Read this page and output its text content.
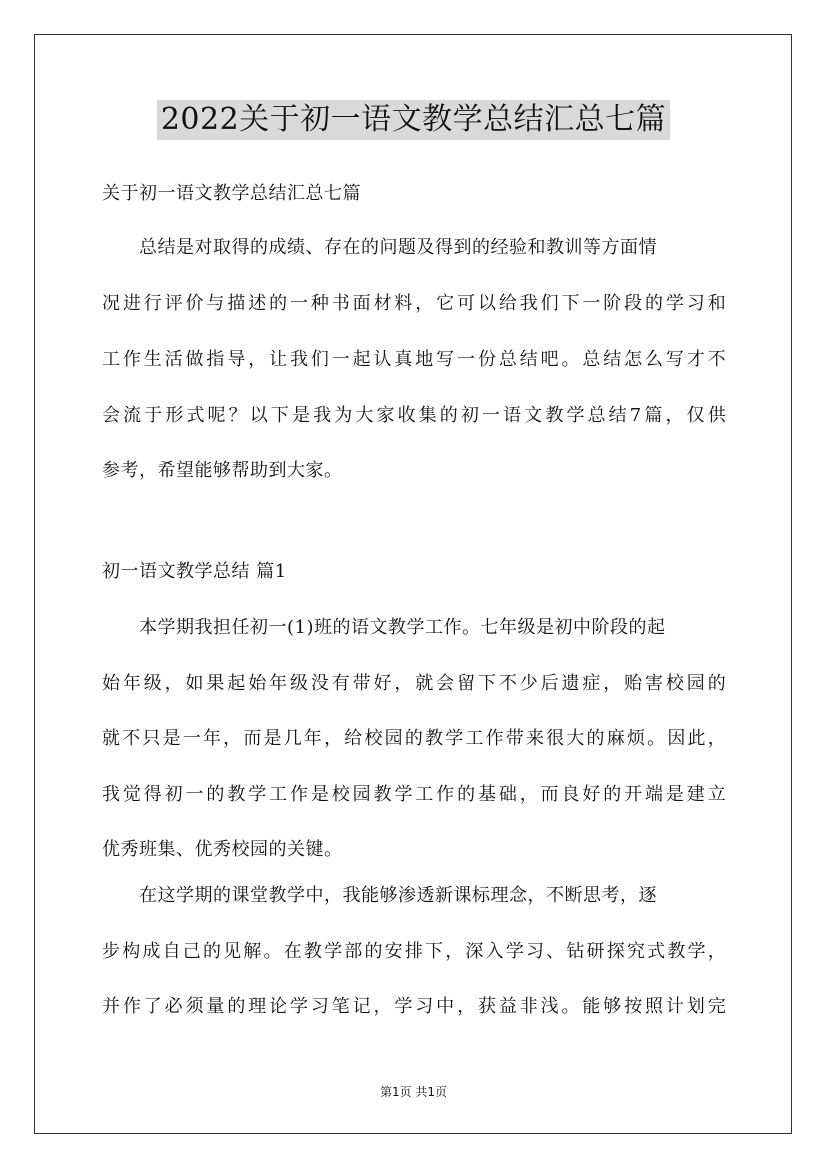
2022关于初一语文教学总结汇总七篇
关于初一语文教学总结汇总七篇
　　总结是对取得的成绩、存在的问题及得到的经验和教训等方面情
况进行评价与描述的一种书面材料，它可以给我们下一阶段的学习和
工作生活做指导，让我们一起认真地写一份总结吧。总结怎么写才不
会流于形式呢？以下是我为大家收集的初一语文教学总结7篇，仅供
参考，希望能够帮助到大家。
初一语文教学总结 篇1
　　本学期我担任初一(1)班的语文教学工作。七年级是初中阶段的起
始年级，如果起始年级没有带好，就会留下不少后遗症，贻害校园的
就不只是一年，而是几年，给校园的教学工作带来很大的麻烦。因此，
我觉得初一的教学工作是校园教学工作的基础，而良好的开端是建立
优秀班集、优秀校园的关键。
　　在这学期的课堂教学中，我能够渗透新课标理念，不断思考，逐
步构成自己的见解。在教学部的安排下，深入学习、钻研探究式教学，
并作了必须量的理论学习笔记，学习中，获益非浅。能够按照计划完
第1页 共1页
